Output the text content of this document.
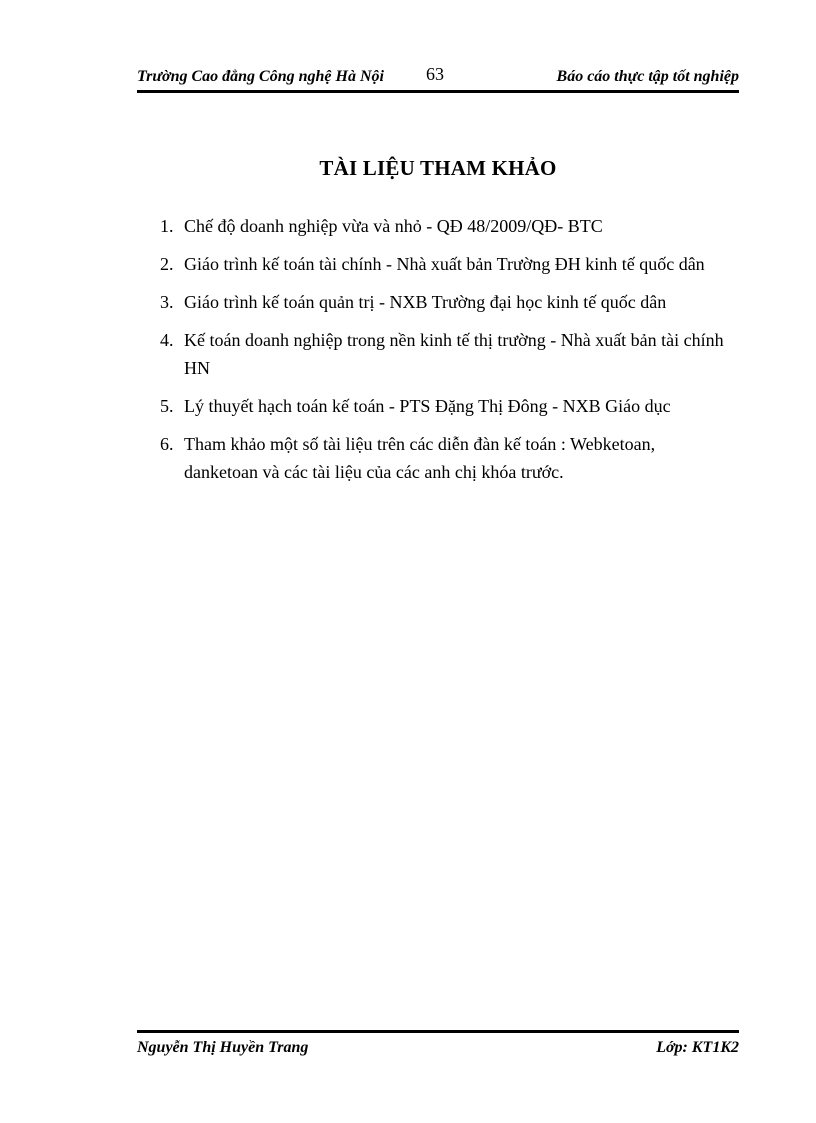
Trường Cao đẳng Công nghệ Hà Nội 63	Báo cáo thực tập tốt nghiệp
TÀI LIỆU THAM KHẢO
1. Chế độ doanh nghiệp vừa và nhỏ - QĐ 48/2009/QĐ- BTC
2. Giáo trình kế toán tài chính - Nhà xuất bản Trường ĐH kinh tế quốc dân
3. Giáo trình kế toán quản trị - NXB Trường đại học kinh tế quốc dân
4. Kế toán doanh nghiệp trong nền kinh tế thị trường - Nhà xuất bản tài chính HN
5. Lý thuyết hạch toán kế toán - PTS Đặng Thị Đông - NXB Giáo dục
6. Tham khảo một số tài liệu trên các diễn đàn kế toán : Webketoan, danketoan và các tài liệu của các anh chị khóa trước.
Nguyễn Thị Huyền Trang	Lớp: KT1K2
